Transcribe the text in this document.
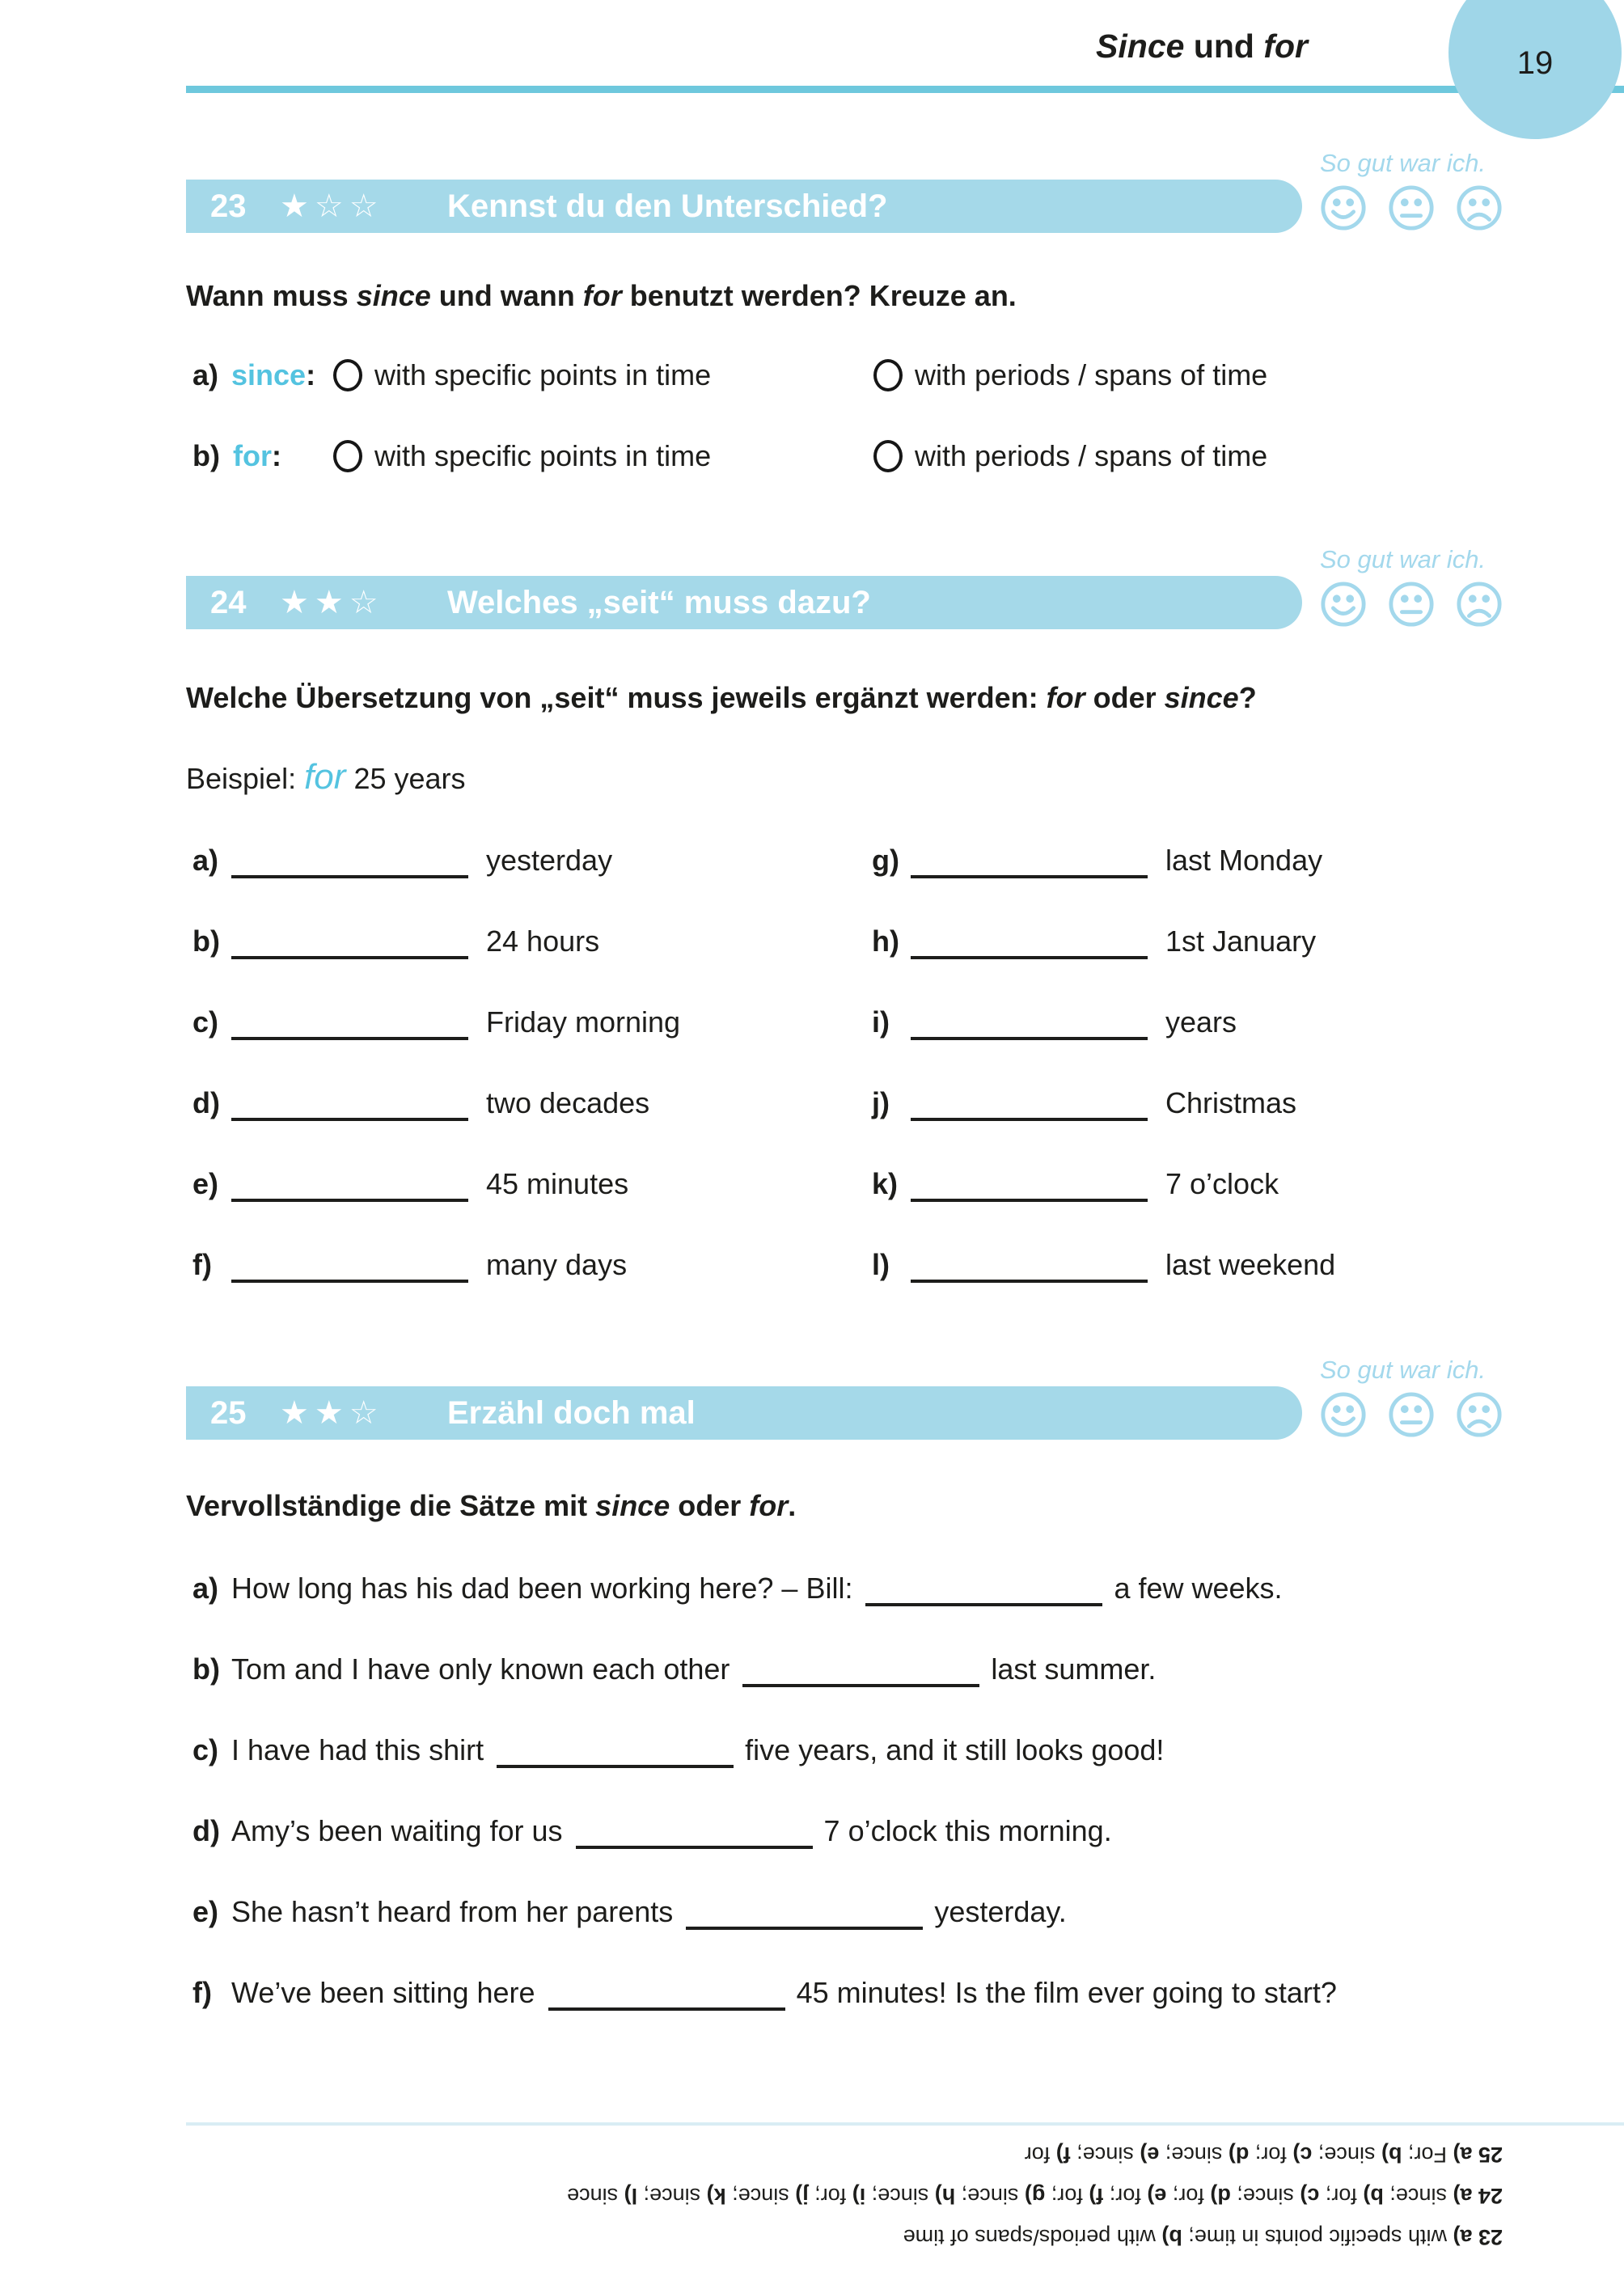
Since und for	19
So gut war ich.
23	★☆☆	Kennst du den Unterschied?
Wann muss since und wann for benutzt werden? Kreuze an.
a) since: with specific points in time	with periods / spans of time
b) for:	with specific points in time	with periods / spans of time
So gut war ich.
24	★★☆	Welches „seit“ muss dazu?
Welche Übersetzung von „seit“ muss jeweils ergänzt werden: for oder since?
Beispiel: for 25 years
a)	yesterday
b)	24 hours
c)	Friday morning
d)	two decades
e)	45 minutes
f)	many days
g)	last Monday
h)	1st January
i)	years
j)	Christmas
k)	7 o’clock
l)	last weekend
So gut war ich.
25	★★☆	Erzähl doch mal
Vervollständige die Sätze mit since oder for.
a) How long has his dad been working here? – Bill:	a few weeks.
b) Tom and I have only known each other	last summer.
c) I have had this shirt	five years, and it still looks good!
d) Amy’s been waiting for us	7 o’clock this morning.
e) She hasn’t heard from her parents	yesterday.
f) We’ve been sitting here	45 minutes! Is the film ever going to start?
23 a) with specific points in time; b) with periods/spans of time
24 a) since; b) for; c) since; d) for; e) for; f) for; g) since; h) since; i) for; j) since; k) since; l) since
25 a) For; b) since; c) for; d) since; e) since; f) for
